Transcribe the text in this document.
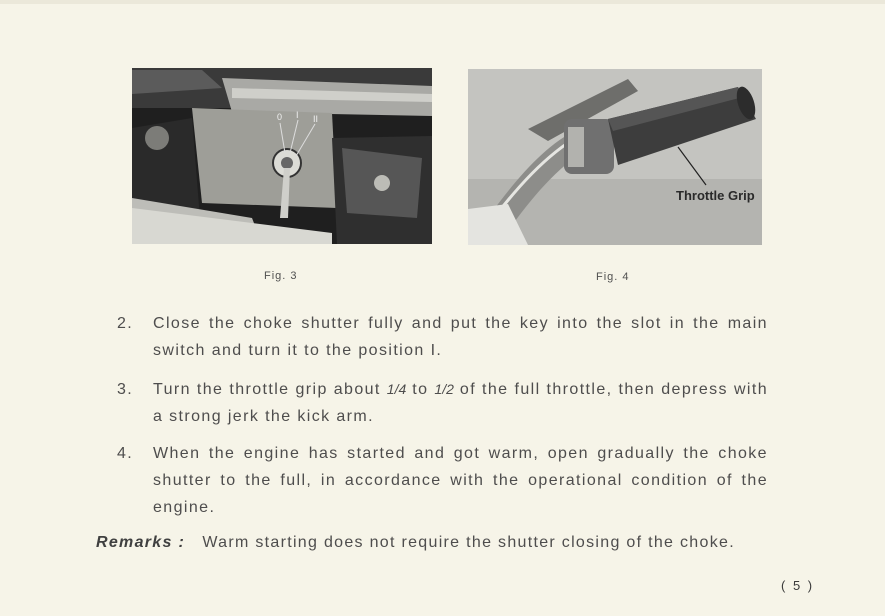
0 I II
Fig. 3
Throttle Grip
Fig. 4
2.	Close the choke shutter fully and put the key into the slot in the main switch and turn it to the position I.
3.	Turn the throttle grip about 1/4 to 1/2 of the full throttle, then depress with a strong jerk the kick arm.
4.	When the engine has started and got warm, open gradually the choke shutter to the full, in accordance with the operational condition of the engine.
Remarks : Warm starting does not require the shutter closing of the choke.
( 5 )
